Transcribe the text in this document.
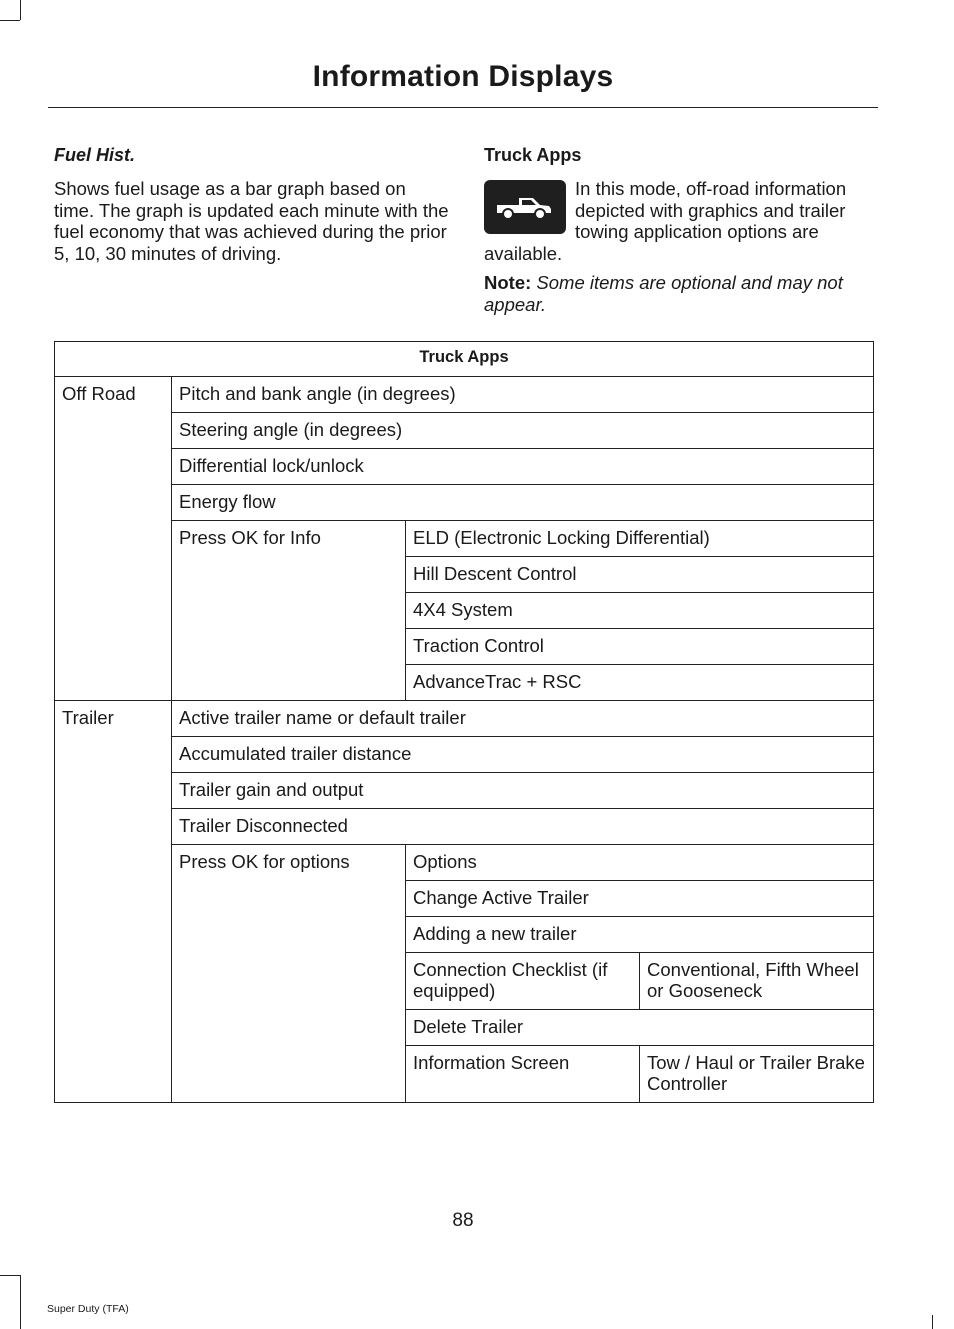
Information Displays
Fuel Hist.

Shows fuel usage as a bar graph based on time. The graph is updated each minute with the fuel economy that was achieved during the prior 5, 10, 30 minutes of driving.

Truck Apps

In this mode, off-road information depicted with graphics and trailer towing application options are available.

Note: Some items are optional and may not appear.

Truck Apps			
Off Road	Pitch and bank angle (in degrees)		
	Steering angle (in degrees)		
	Differential lock/unlock		
	Energy flow		
	Press OK for Info	ELD (Electronic Locking Differential)	
		Hill Descent Control	
		4X4 System	
		Traction Control	
		AdvanceTrac + RSC	
Trailer	Active trailer name or default trailer		
	Accumulated trailer distance		
	Trailer gain and output		
	Trailer Disconnected		
	Press OK for options	Options	
		Change Active Trailer	
		Adding a new trailer	
		Connection Checklist (if equipped)	Conventional, Fifth Wheel or Gooseneck
		Delete Trailer	
		Information Screen	Tow / Haul or Trailer Brake Controller
88
Super Duty (TFA)
